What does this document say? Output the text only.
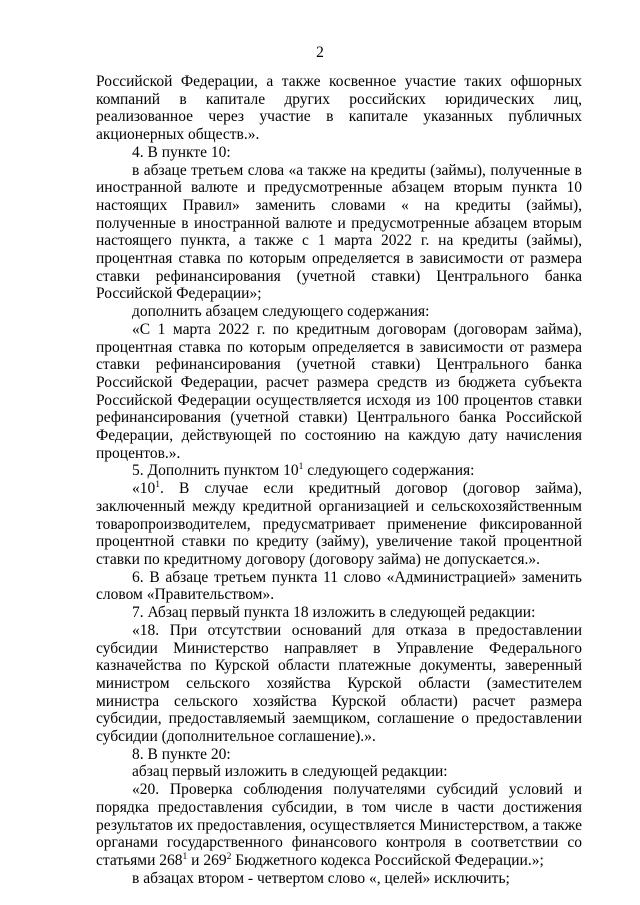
2

Российской Федерации, а также косвенное участие таких офшорных компаний в капитале других российских юридических лиц, реализованное через участие в капитале указанных публичных акционерных обществ.».

4. В пункте 10:

в абзаце третьем слова «а также на кредиты (займы), полученные в иностранной валюте и предусмотренные абзацем вторым пункта 10 настоящих Правил» заменить словами « на кредиты (займы), полученные в иностранной валюте и предусмотренные абзацем вторым настоящего пункта, а также с 1 марта 2022 г. на кредиты (займы), процентная ставка по которым определяется в зависимости от размера ставки рефинансирования (учетной ставки) Центрального банка Российской Федерации»;

дополнить абзацем следующего содержания:

«С 1 марта 2022 г. по кредитным договорам (договорам займа), процентная ставка по которым определяется в зависимости от размера ставки рефинансирования (учетной ставки) Центрального банка Российской Федерации, расчет размера средств из бюджета субъекта Российской Федерации осуществляется исходя из 100 процентов ставки рефинансирования (учетной ставки) Центрального банка Российской Федерации, действующей по состоянию на каждую дату начисления процентов.».

5. Дополнить пунктом $10^1$ следующего содержания:

«$10^1$. В случае если кредитный договор (договор займа), заключенный между кредитной организацией и сельскохозяйственным товаропроизводителем, предусматривает применение фиксированной процентной ставки по кредиту (займу), увеличение такой процентной ставки по кредитному договору (договору займа) не допускается.».

6. В абзаце третьем пункта 11 слово «Администрацией» заменить словом «Правительством».

7. Абзац первый пункта 18 изложить в следующей редакции:

«18. При отсутствии оснований для отказа в предоставлении субсидии Министерство направляет в Управление Федерального казначейства по Курской области платежные документы, заверенный министром сельского хозяйства Курской области (заместителем министра сельского хозяйства Курской области) расчет размера субсидии, предоставляемый заемщиком, соглашение о предоставлении субсидии (дополнительное соглашение).».

8. В пункте 20:

абзац первый изложить в следующей редакции:

«20. Проверка соблюдения получателями субсидий условий и порядка предоставления субсидии, в том числе в части достижения результатов их предоставления, осуществляется Министерством, а также органами государственного финансового контроля в соответствии со статьями $268^1$ и $269^2$ Бюджетного кодекса Российской Федерации.»;

в абзацах втором - четвертом слово «, целей» исключить;
